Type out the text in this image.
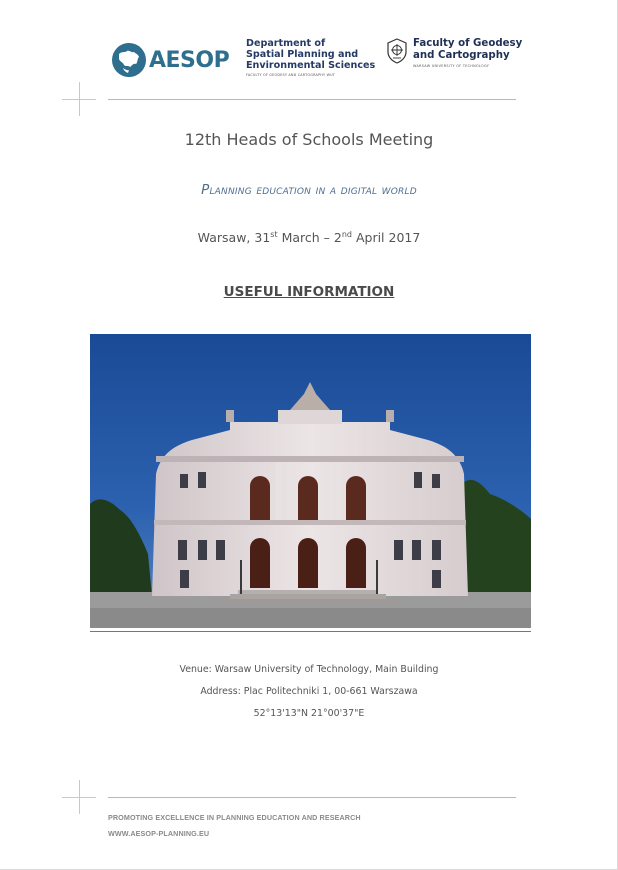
AESOP
Department of
Spatial Planning and
Environmental Sciences
FACULTY OF GEODESY AND CARTOGRAPHY WUT
Faculty of Geodesy
and Cartography
WARSAW UNIVERSITY OF TECHNOLOGY
12th Heads of Schools Meeting
Planning education in a digital world
Warsaw, 31st March – 2nd April 2017
USEFUL INFORMATION
Venue: Warsaw University of Technology, Main Building
Address: Plac Politechniki 1, 00-661 Warszawa
52°13'13"N 21°00'37"E
PROMOTING EXCELLENCE IN PLANNING EDUCATION AND RESEARCH
WWW.AESOP-PLANNING.EU
